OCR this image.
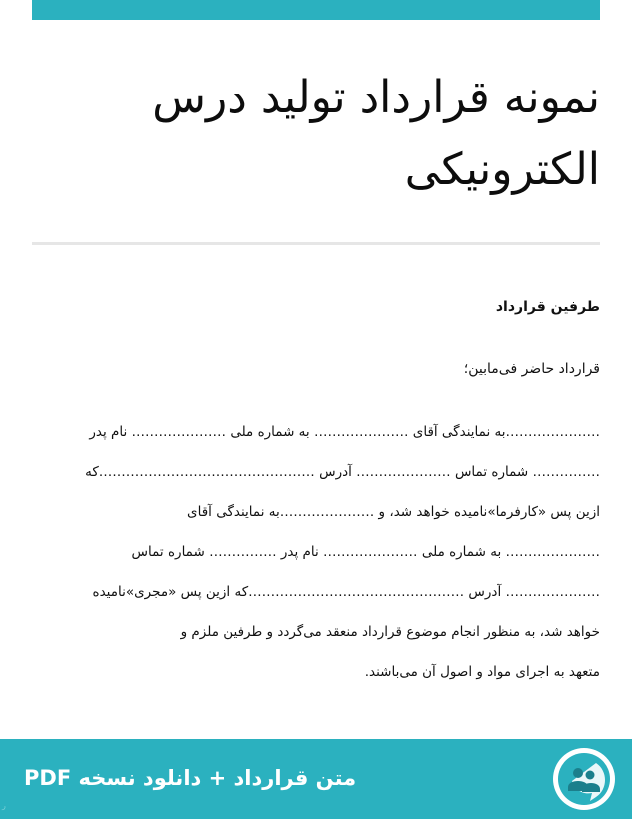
نمونه قرارداد تولید درس
الکترونیکی
طرفین قرارداد
قرارداد حاضر فی‌مابین؛
…………………به نمایندگی آقای ………………… به شماره ملی ………………… نام پدر
…………… شماره تماس ………………… آدرس …………………………………………که
ازین پس «کارفرما»نامیده خواهد شد، و …………………به نمایندگی آقای
………………… به شماره ملی ………………… نام پدر …………… شماره تماس
………………… آدرس …………………………………………که ازین پس «مجری»نامیده
خواهد شد، به منظور انجام موضوع قرارداد منعقد می‌گردد و طرفین ملزم و
متعهد به اجرای مواد و اصول آن می‌باشند.
متن قرارداد + دانلود نسخه PDF
ر
